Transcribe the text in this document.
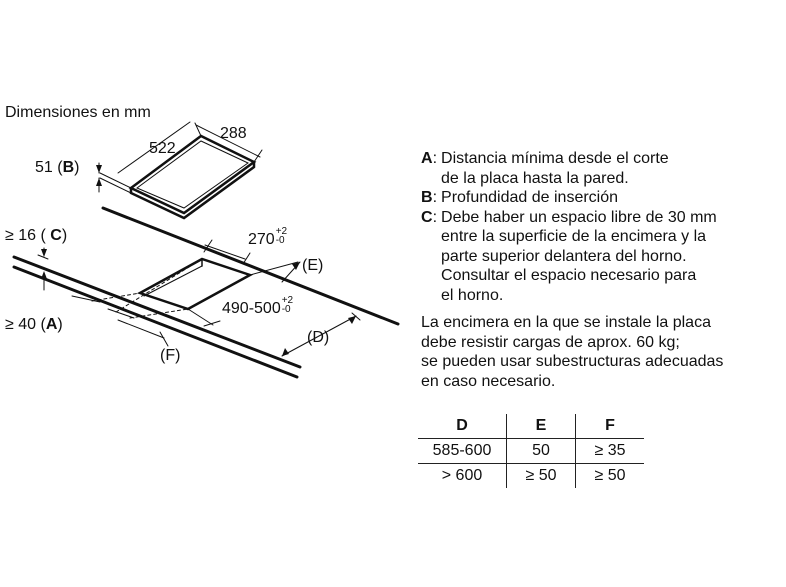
Dimensiones en mm
522
288
51 (B)
≥ 16 ( C)
≥ 40 (A)
270 $^{+2 -0}$
(E)
490-500 $^{+2 -0}$
(D)
(F)
A : Distancia mínima desde el corte
de la placa hasta la pared.
B : Profundidad de inserción
C : Debe haber un espacio libre de 30 mm
entre la superficie de la encimera y la
parte superior delantera del horno.
Consultar el espacio necesario para
el horno.
La encimera en la que se instale la placa
debe resistir cargas de aprox. 60 kg;
se pueden usar subestructuras adecuadas
en caso necesario.
D	E	F
585-600	50	≥ 35
> 600	≥ 50	≥ 50
